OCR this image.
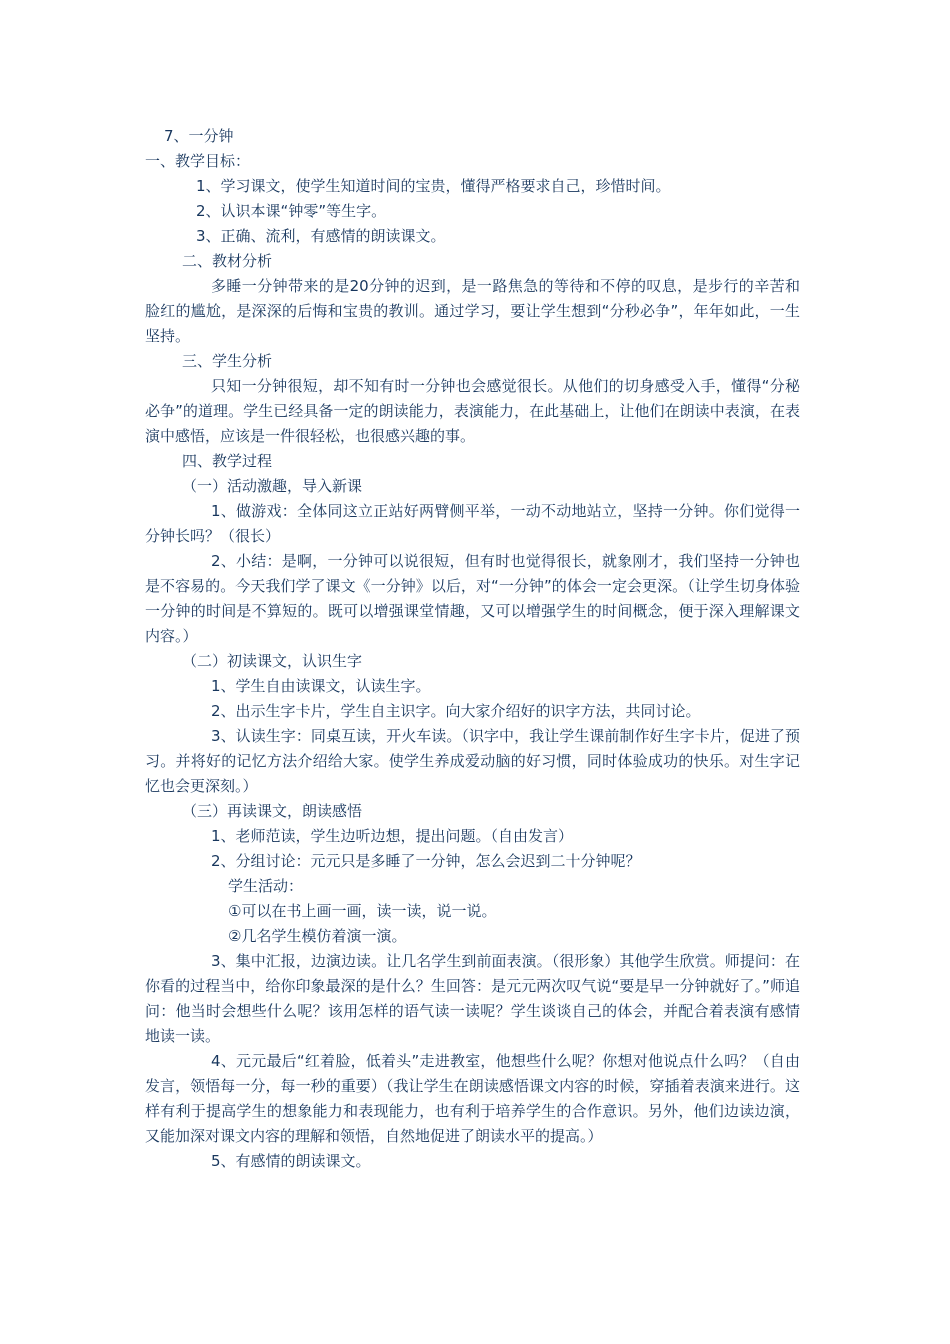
7、一分钟

一、教学目标：

1、学习课文，使学生知道时间的宝贵，懂得严格要求自己，珍惜时间。

2、认识本课“钟零”等生字。

3、正确、流利，有感情的朗读课文。

二、教材分析

多睡一分钟带来的是20分钟的迟到，是一路焦急的等待和不停的叹息，是步行的辛苦和脸红的尴尬，是深深的后悔和宝贵的教训。通过学习，要让学生想到“分秒必争”，年年如此，一生坚持。

三、学生分析

只知一分钟很短，却不知有时一分钟也会感觉很长。从他们的切身感受入手，懂得“分秘必争”的道理。学生已经具备一定的朗读能力，表演能力，在此基础上，让他们在朗读中表演，在表演中感悟，应该是一件很轻松，也很感兴趣的事。

四、教学过程

（一）活动激趣，导入新课

1、做游戏：全体同这立正站好两臂侧平举，一动不动地站立，坚持一分钟。你们觉得一分钟长吗？（很长）

2、小结：是啊，一分钟可以说很短，但有时也觉得很长，就象刚才，我们坚持一分钟也是不容易的。今天我们学了课文《一分钟》以后，对“一分钟”的体会一定会更深。（让学生切身体验一分钟的时间是不算短的。既可以增强课堂情趣，又可以增强学生的时间概念，便于深入理解课文内容。）

（二）初读课文，认识生字

1、学生自由读课文，认读生字。

2、出示生字卡片，学生自主识字。向大家介绍好的识字方法，共同讨论。

3、认读生字：同桌互读，开火车读。（识字中，我让学生课前制作好生字卡片，促进了预习。并将好的记忆方法介绍给大家。使学生养成爱动脑的好习惯，同时体验成功的快乐。对生字记忆也会更深刻。）

（三）再读课文，朗读感悟

1、老师范读，学生边听边想，提出问题。（自由发言）

2、分组讨论：元元只是多睡了一分钟，怎么会迟到二十分钟呢？

学生活动：

①可以在书上画一画，读一读，说一说。

②几名学生模仿着演一演。

3、集中汇报，边演边读。让几名学生到前面表演。（很形象）其他学生欣赏。师提问：在你看的过程当中，给你印象最深的是什么？生回答：是元元两次叹气说“要是早一分钟就好了。”师追问：他当时会想些什么呢？该用怎样的语气读一读呢？学生谈谈自己的体会，并配合着表演有感情地读一读。

4、元元最后“红着脸，低着头”走进教室，他想些什么呢？你想对他说点什么吗？（自由发言，领悟每一分，每一秒的重要）（我让学生在朗读感悟课文内容的时候，穿插着表演来进行。这样有利于提高学生的想象能力和表现能力，也有利于培养学生的合作意识。另外，他们边读边演，又能加深对课文内容的理解和领悟，自然地促进了朗读水平的提高。）

5、有感情的朗读课文。
